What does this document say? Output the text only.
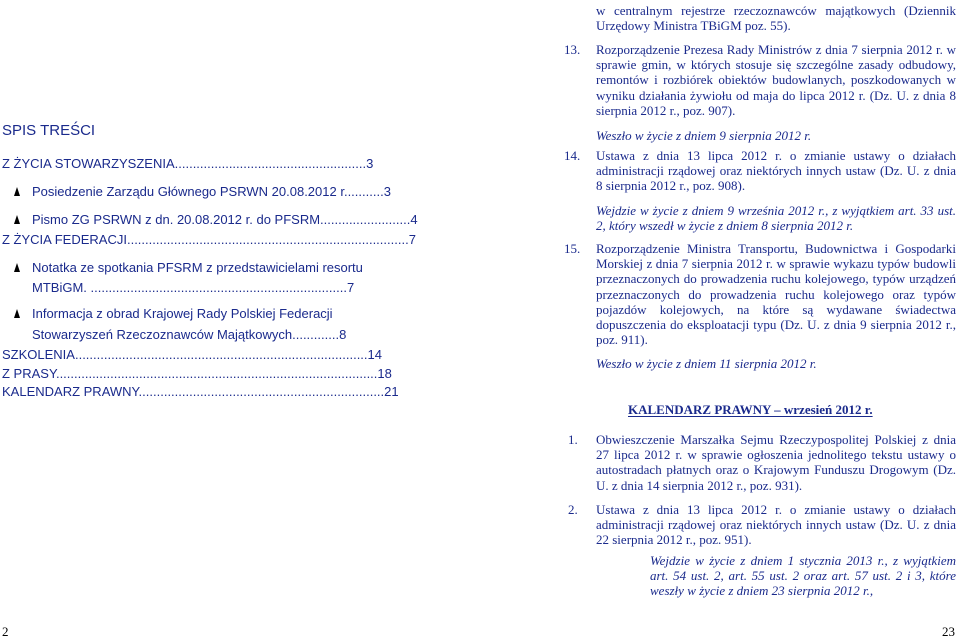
SPIS TREŚCI
Z ŻYCIA STOWARZYSZENIA.....................................................3
Posiedzenie Zarządu Głównego PSRWN 20.08.2012 r...........3
Pismo ZG PSRWN z dn. 20.08.2012 r. do PFSRM.........................4
Z ŻYCIA FEDERACJI..............................................................................7
Notatka ze spotkania PFSRM z przedstawicielami resortu
MTBiGM. .......................................................................7
Informacja z obrad Krajowej Rady Polskiej Federacji
Stowarzyszeń Rzeczoznawców Majątkowych.............8
SZKOLENIA.................................................................................14
Z PRASY.........................................................................................18
KALENDARZ PRAWNY....................................................................21
w centralnym rejestrze rzeczoznawców majątkowych (Dziennik Urzędowy Ministra TBiGM poz. 55).
13. Rozporządzenie Prezesa Rady Ministrów z dnia 7 sierpnia 2012 r. w sprawie gmin, w których stosuje się szczególne zasady odbudowy, remontów i rozbiórek obiektów budowlanych, poszkodowanych w wyniku działania żywiołu od maja do lipca 2012 r. (Dz. U. z dnia 8 sierpnia 2012 r., poz. 907).
Weszło w życie z dniem 9 sierpnia 2012 r.
14. Ustawa z dnia 13 lipca 2012 r. o zmianie ustawy o działach administracji rządowej oraz niektórych innych ustaw (Dz. U. z dnia 8 sierpnia 2012 r., poz. 908).
Wejdzie w życie z dniem 9 września 2012 r., z wyjątkiem art. 33 ust. 2, który wszedł w życie z dniem 8 sierpnia 2012 r.
15. Rozporządzenie Ministra Transportu, Budownictwa i Gospodarki Morskiej z dnia 7 sierpnia 2012 r. w sprawie wykazu typów budowli przeznaczonych do prowadzenia ruchu kolejowego, typów urządzeń przeznaczonych do prowadzenia ruchu kolejowego oraz typów pojazdów kolejowych, na które są wydawane świadectwa dopuszczenia do eksploatacji typu (Dz. U. z dnia 9 sierpnia 2012 r., poz. 911).
Weszło w życie z dniem 11 sierpnia 2012 r.
KALENDARZ PRAWNY – wrzesień 2012 r.
1. Obwieszczenie Marszałka Sejmu Rzeczypospolitej Polskiej z dnia 27 lipca 2012 r. w sprawie ogłoszenia jednolitego tekstu ustawy o autostradach płatnych oraz o Krajowym Funduszu Drogowym (Dz. U. z dnia 14 sierpnia 2012 r., poz. 931).
2. Ustawa z dnia 13 lipca 2012 r. o zmianie ustawy o działach administracji rządowej oraz niektórych innych ustaw (Dz. U. z dnia 22 sierpnia 2012 r., poz. 951).
Wejdzie w życie z dniem 1 stycznia 2013 r., z wyjątkiem art. 54 ust. 2, art. 55 ust. 2 oraz art. 57 ust. 2 i 3, które weszły w życie z dniem 23 sierpnia 2012 r.,
2	23
